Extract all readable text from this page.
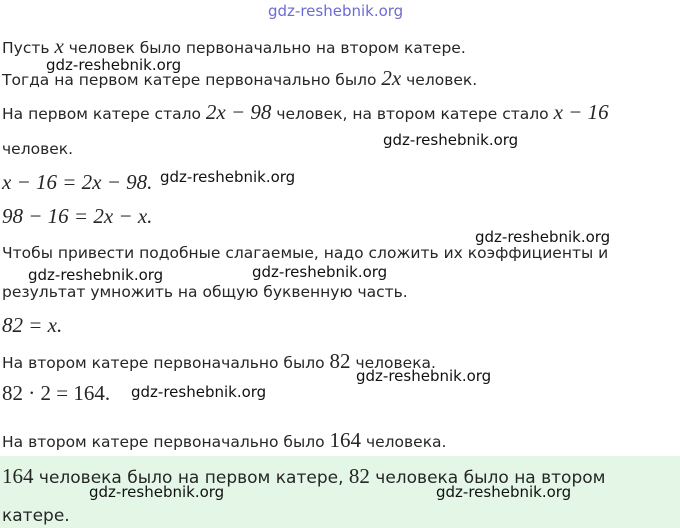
gdz-reshebnik.org
Пусть x человек было первоначально на втором катере.
Тогда на первом катере первоначально было 2x человек.
На первом катере стало 2x − 98 человек, на втором катере стало x − 16
человек.
x − 16 = 2x − 98.
98 − 16 = 2x − x.
Чтобы привести подобные слагаемые, надо сложить их коэффициенты и
результат умножить на общую буквенную часть.
82 = x.
На втором катере первоначально было 82 человека.
82 · 2 = 164.
На втором катере первоначально было 164 человека.
164 человека было на первом катере, 82 человека было на втором
катере.
gdz-reshebnik.org
gdz-reshebnik.org
gdz-reshebnik.org
gdz-reshebnik.org
gdz-reshebnik.org
gdz-reshebnik.org
gdz-reshebnik.org
gdz-reshebnik.org
gdz-reshebnik.org	gdz-reshebnik.org
